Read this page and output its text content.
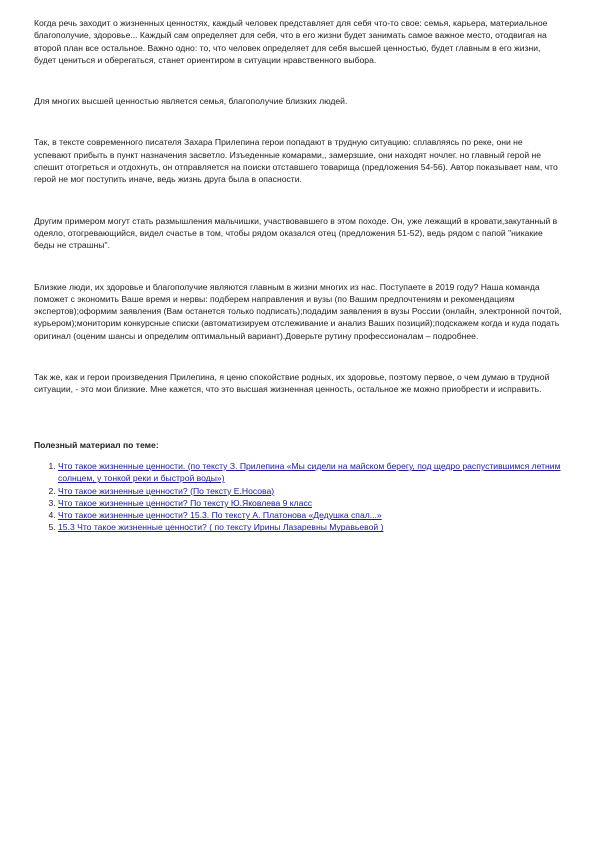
Когда речь заходит о жизненных ценностях, каждый человек представляет для себя что-то свое: семья, карьера, материальное благополучие, здоровье... Каждый сам определяет для себя, что в его жизни будет занимать самое важное место, отодвигая на второй план все остальное. Важно одно: то, что человек определяет для себя высшей ценностью, будет главным в его жизни, будет цениться и оберегаться, станет ориентиром в ситуации нравственного выбора.

Для многих высшей ценностью является семья, благополучие близких людей.

Так, в тексте современного писателя Захара Прилепина герои попадают в трудную ситуацию: сплавляясь по реке, они не успевают прибыть в пункт назначения засветло. Изъеденные комарами,, замерзшие, они находят ночлег. но главный герой не спешит отогреться и отдохнуть, он отправляется на поиски отставшего товарища (предложения 54-56). Автор показывает нам, что герой не мог поступить иначе, ведь жизнь друга была в опасности.

Другим примером могут стать размышления мальчишки, участвовавшего в этом походе. Он, уже лежащий в кровати,закутанный в одеяло, отогревающийся, видел счастье в том, чтобы рядом оказался отец (предложения 51-52), ведь рядом с папой "никакие беды не страшны".

Близкие люди, их здоровье и благополучие являются главным в жизни многих из нас. Поступаете в 2019 году? Наша команда поможет с экономить Ваше время и нервы: подберем направления и вузы (по Вашим предпочтениям и рекомендациям экспертов);оформим заявления (Вам останется только подписать);подадим заявления в вузы России (онлайн, электронной почтой, курьером);мониторим конкурсные списки (автоматизируем отслеживание и анализ Ваших позиций);подскажем когда и куда подать оригинал (оценим шансы и определим оптимальный вариант).Доверьте рутину профессионалам – подробнее.

Так же, как и герои произведения Прилепина, я ценю спокойствие родных, их здоровье, поэтому первое, о чем думаю в трудной ситуации, - это мои близкие. Мне кажется, что это высшая жизненная ценность, остальное же можно приобрести и исправить.

Полезный материал по теме:
1. Что такое жизненные ценности. (по тексту З. Прилепина «Мы сидели на майском берегу, под щедро распустившимся летним солнцем, у тонкой реки и быстрой воды»)
2. Что такое жизненные ценности? (По тексту Е.Носова)
3. Что такое жизненные ценности? По тексту Ю.Яковлева 9 класс
4. Что такое жизненные ценности? 15.3. По тексту А. Платонова «Дедушка спал...»
5. 15.3 Что такое жизненные ценности? ( по тексту Ирины Лазаревны Муравьевой )
